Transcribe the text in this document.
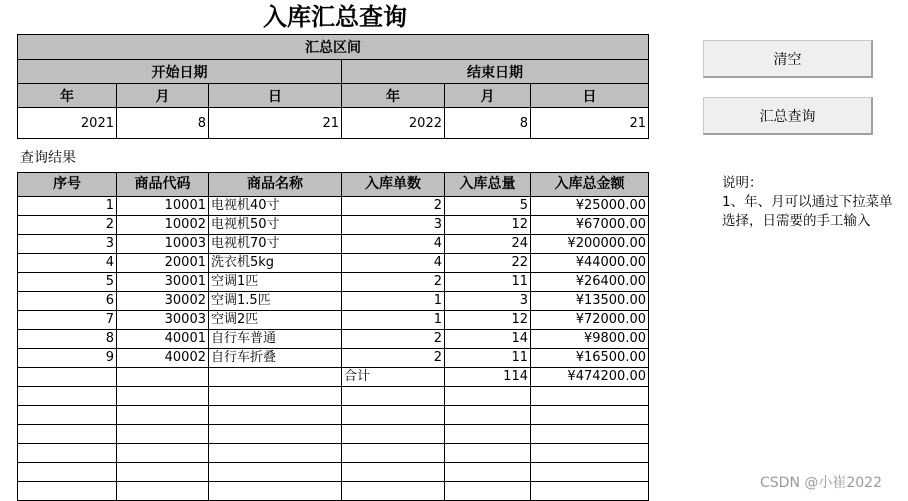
入库汇总查询
汇总区间					
开始日期			结束日期		
年	月	日	年	月	日
2021	8	21	2022	8	21
查询结果
序号	商品代码	商品名称	入库单数	入库总量	入库总金额
1	10001	电视机40寸	2	5	¥25000.00
2	10002	电视机50寸	3	12	¥67000.00
3	10003	电视机70寸	4	24	¥200000.00
4	20001	洗衣机5kg	4	22	¥44000.00
5	30001	空调1匹	2	11	¥26400.00
6	30002	空调1.5匹	1	3	¥13500.00
7	30003	空调2匹	1	12	¥72000.00
8	40001	自行车普通	2	14	¥9800.00
9	40002	自行车折叠	2	11	¥16500.00
			合计	114	¥474200.00

清空
汇总查询
说明：
1、年、月可以通过下拉菜单选择，日需要的手工输入
CSDN @小崔2022
